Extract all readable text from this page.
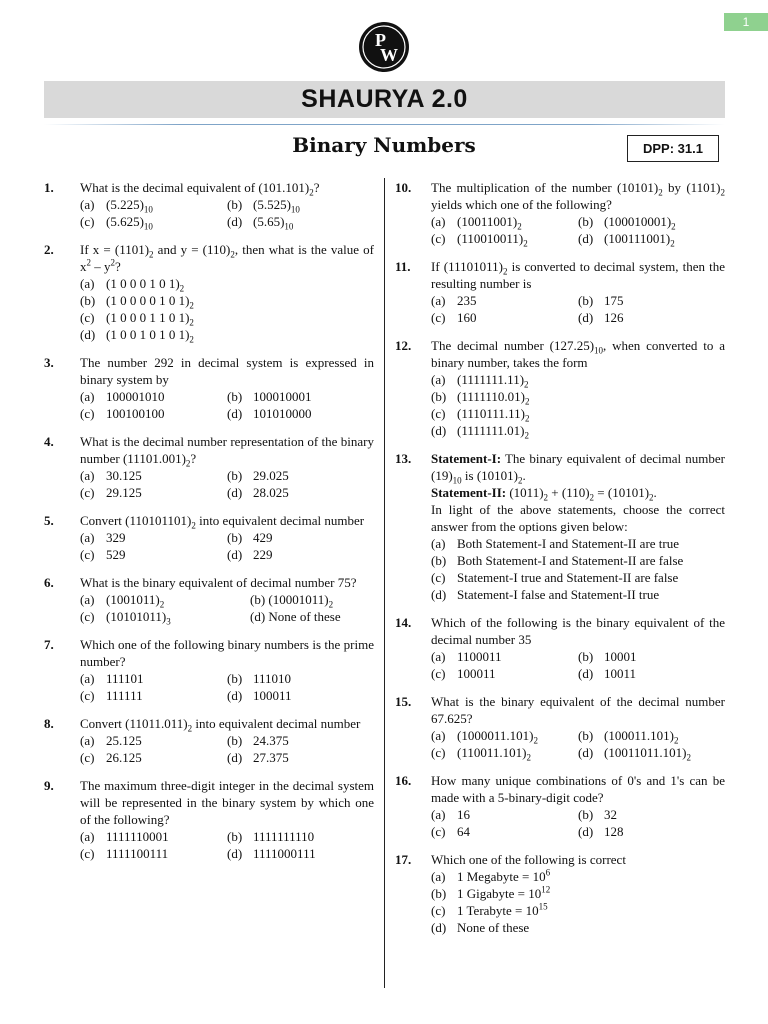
1
P
W
SHAURYA 2.0
Binary Numbers	DPP: 31.1
1.	What is the decimal equivalent of $(101.101)_2$?
(a) $(5.225)_{10}$	(b) $(5.525)_{10}$
(c) $(5.625)_{10}$	(d) $(5.65)_{10}$
2.	If $x = (1101)_2$ and $y = (110)_2$, then what is the value of $x^2 - y^2$?
(a) (1 0 0 0 1 0 $1)_2$
(b) (1 0 0 0 0 1 0 $1)_2$
(c) (1 0 0 0 1 1 0 $1)_2$
(d) (1 0 0 1 0 1 0 $1)_2$
3.	The number 292 in decimal system is expressed in binary system by
(a) 100001010	(b) 100010001
(c) 100100100	(d) 101010000
4.	What is the decimal number representation of the binary number $(11101.001)_2$?
(a) 30.125	(b) 29.025
(c) 29.125	(d) 28.025
5.	Convert $(110101101)_2$ into equivalent decimal number
(a) 329	(b) 429
(c) 529	(d) 229
6.	What is the binary equivalent of decimal number 75?
(a) $(1001011)_2$	(b)
$(10001011)_2$
(c) $(10101011)_3$	(d)
None of these
7.	Which one of the following binary numbers is the prime number?
(a) 111101	(b) 111010
(c) 111111	(d) 100011
8.	Convert $(11011.011)_2$ into equivalent decimal number
(a) 25.125	(b) 24.375
(c) 26.125	(d) 27.375
9.	The maximum three-digit integer in the decimal system will be represented in the binary system by which one of the following?
(a) 1111110001	(b) 1111111110
(c) 1111100111	(d) 1111000111
10.	The multiplication of the number $(10101)_2$ by $(1101)_2$ yields which one of the following?
(a) $(10011001)_2$	(b) $(100010001)_2$
(c) $(110010011)_2$	(d) $(100111001)_2$
11.	If $(11101011)_2$ is converted to decimal system, then the resulting number is
(a) 235	(b) 175
(c) 160	(d) 126
12.	The decimal number $(127.25)_{10}$, when converted to a binary number, takes the form
(a) $(1111111.11)_2$
(b) $(1111110.01)_2$
(c) $(1110111.11)_2$
(d) $(1111111.01)_2$
13.	Statement-I: The binary equivalent of decimal number $(19)_{10}$ is $(10101)_2$.
Statement-II: $(1011)_2 + (110)_2 = (10101)_2$.
In light of the above statements, choose the correct answer from the options given below:
(a) Both Statement-I and Statement-II are true
(b) Both Statement-I and Statement-II are false
(c) Statement-I true and Statement-II are false
(d) Statement-I false and Statement-II true
14.	Which of the following is the binary equivalent of the decimal number 35
(a) 1100011	(b) 10001
(c) 100011	(d) 10011
15.	What is the binary equivalent of the decimal number 67.625?
(a) $(1000011.101)_2$	(b) $(100011.101)_2$
(c) $(110011.101)_2$	(d) $(10011011.101)_2$
16.	How many unique combinations of 0's and 1's can be made with a 5-binary-digit code?
(a) 16	(b) 32
(c) 64	(d) 128
17.	Which one of the following is correct
(a) 1 Megabyte = $10^6$
(b) 1 Gigabyte = $10^{12}$
(c) 1 Terabyte = $10^{15}$
(d) None of these
